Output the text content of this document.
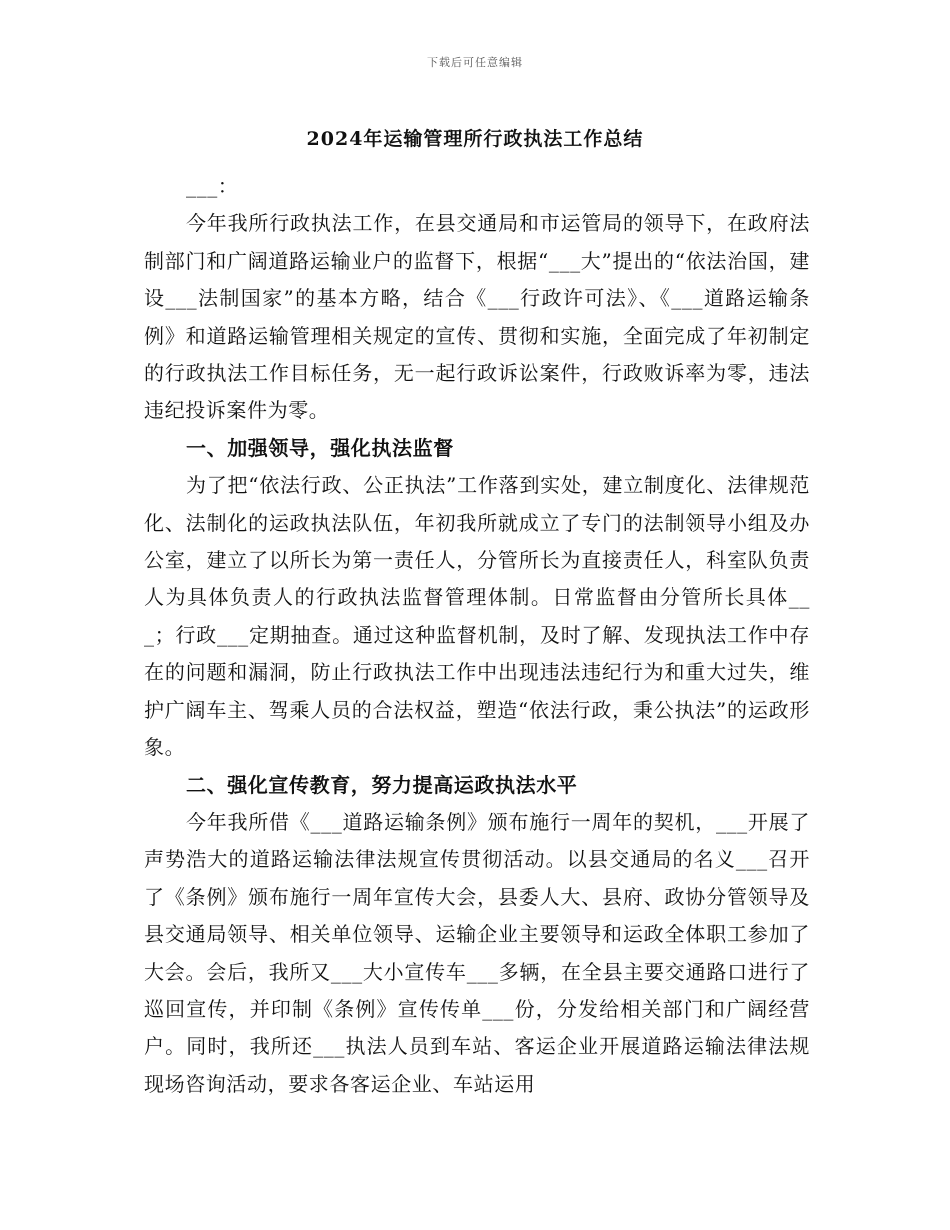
下载后可任意编辑
2024年运输管理所行政执法工作总结

___：

今年我所行政执法工作，在县交通局和市运管局的领导下，在政府法制部门和广阔道路运输业户的监督下，根据“___大”提出的“依法治国，建设___法制国家”的基本方略，结合《___行政许可法》、《___道路运输条例》和道路运输管理相关规定的宣传、贯彻和实施，全面完成了年初制定的行政执法工作目标任务，无一起行政诉讼案件，行政败诉率为零，违法违纪投诉案件为零。

一、加强领导，强化执法监督

为了把“依法行政、公正执法”工作落到实处，建立制度化、法律规范化、法制化的运政执法队伍，年初我所就成立了专门的法制领导小组及办公室，建立了以所长为第一责任人，分管所长为直接责任人，科室队负责人为具体负责人的行政执法监督管理体制。日常监督由分管所长具体___；行政___定期抽查。通过这种监督机制，及时了解、发现执法工作中存在的问题和漏洞，防止行政执法工作中出现违法违纪行为和重大过失，维护广阔车主、驾乘人员的合法权益，塑造“依法行政，秉公执法”的运政形象。

二、强化宣传教育，努力提高运政执法水平

今年我所借《___道路运输条例》颁布施行一周年的契机，___开展了声势浩大的道路运输法律法规宣传贯彻活动。以县交通局的名义___召开了《条例》颁布施行一周年宣传大会，县委人大、县府、政协分管领导及县交通局领导、相关单位领导、运输企业主要领导和运政全体职工参加了大会。会后，我所又___大小宣传车___多辆，在全县主要交通路口进行了巡回宣传，并印制《条例》宣传传单___份，分发给相关部门和广阔经营户。同时，我所还___执法人员到车站、客运企业开展道路运输法律法规现场咨询活动，要求各客运企业、车站运用
